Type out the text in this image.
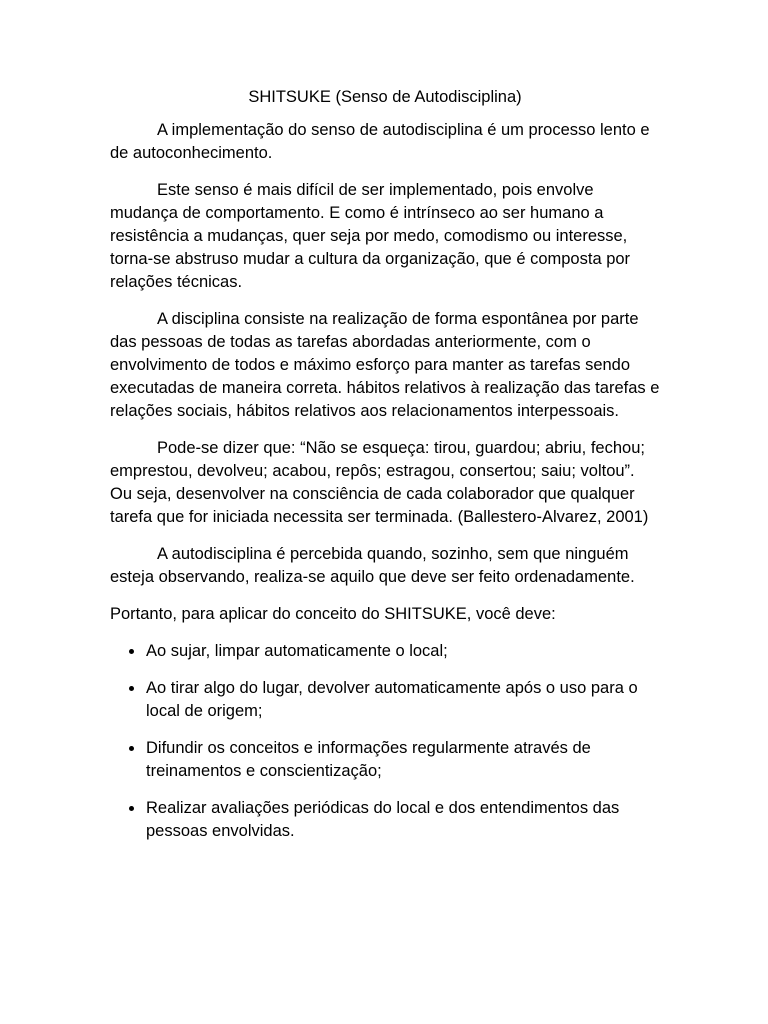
SHITSUKE (Senso de Autodisciplina)

A implementação do senso de autodisciplina é um processo lento e de autoconhecimento.

Este senso é mais difícil de ser implementado, pois envolve mudança de comportamento. E como é intrínseco ao ser humano a resistência a mudanças, quer seja por medo, comodismo ou interesse, torna-se abstruso mudar a cultura da organização, que é composta por relações técnicas.

A disciplina consiste na realização de forma espontânea por parte das pessoas de todas as tarefas abordadas anteriormente, com o envolvimento de todos e máximo esforço para manter as tarefas sendo executadas de maneira correta. hábitos relativos à realização das tarefas e relações sociais, hábitos relativos aos relacionamentos interpessoais.

Pode-se dizer que: “Não se esqueça: tirou, guardou; abriu, fechou; emprestou, devolveu; acabou, repôs; estragou, consertou; saiu; voltou”. Ou seja, desenvolver na consciência de cada colaborador que qualquer tarefa que for iniciada necessita ser terminada. (Ballestero-Alvarez, 2001)

A autodisciplina é percebida quando, sozinho, sem que ninguém esteja observando, realiza-se aquilo que deve ser feito ordenadamente.

Portanto, para aplicar do conceito do SHITSUKE, você deve:

Ao sujar, limpar automaticamente o local;
Ao tirar algo do lugar, devolver automaticamente após o uso para o local de origem;
Difundir os conceitos e informações regularmente através de treinamentos e conscientização;
Realizar avaliações periódicas do local e dos entendimentos das pessoas envolvidas.
